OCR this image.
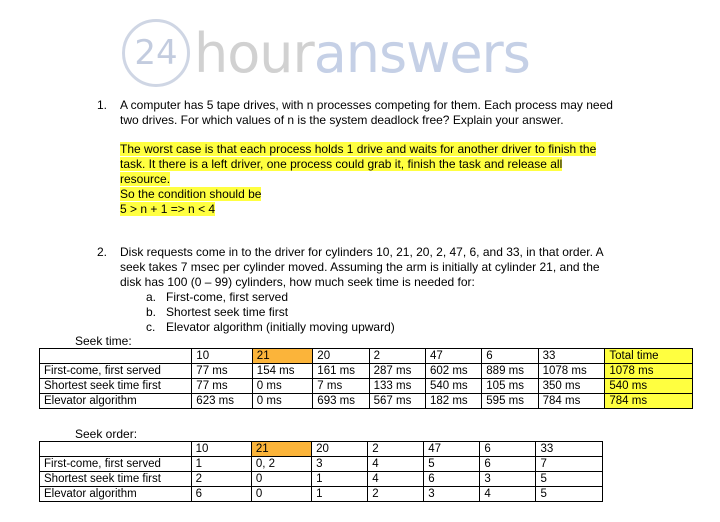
24 hour answers
1. A computer has 5 tape drives, with n processes competing for them. Each process may need
two drives. For which values of n is the system deadlock free? Explain your answer.
The worst case is that each process holds 1 drive and waits for another driver to finish the
task. It there is a left driver, one process could grab it, finish the task and release all
resource.
So the condition should be
5 > n + 1 => n < 4
2. Disk requests come in to the driver for cylinders 10, 21, 20, 2, 47, 6, and 33, in that order. A
seek takes 7 msec per cylinder moved. Assuming the arm is initially at cylinder 21, and the
disk has 100 (0 – 99) cylinders, how much seek time is needed for:
a. First-come, first served
b. Shortest seek time first
c. Elevator algorithm (initially moving upward)
Seek time:
	10	21	20	2	47	6	33	Total time
First-come, first served	77 ms	154 ms	161 ms	287 ms	602 ms	889 ms	1078 ms	1078 ms
Shortest seek time first	77 ms	0 ms	7 ms	133 ms	540 ms	105 ms	350 ms	540 ms
Elevator algorithm	623 ms	0 ms	693 ms	567 ms	182 ms	595 ms	784 ms	784 ms
Seek order:
	10	21	20	2	47	6	33
First-come, first served	1	0, 2	3	4	5	6	7
Shortest seek time first	2	0	1	4	6	3	5
Elevator algorithm	6	0	1	2	3	4	5
